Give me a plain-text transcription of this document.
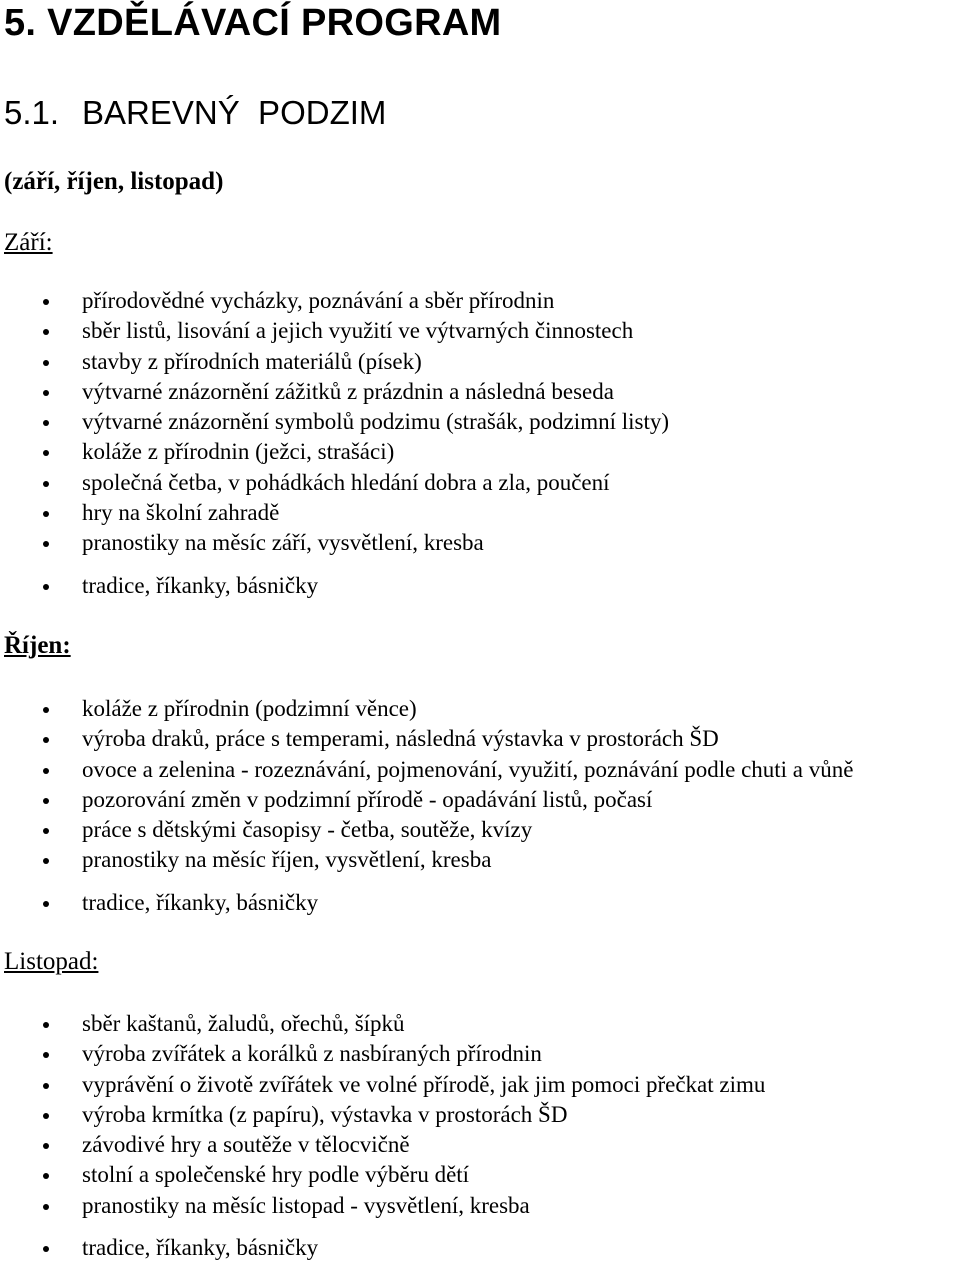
5. VZDĚLÁVACÍ PROGRAM
5.1. BAREVNÝ  PODZIM

(září, říjen, listopad)

Září:

přírodovědné vycházky, poznávání a sběr přírodnin
sběr listů, lisování a jejich využití ve výtvarných činnostech
stavby z přírodních materiálů (písek)
výtvarné znázornění zážitků z prázdnin a následná beseda
výtvarné znázornění symbolů podzimu (strašák, podzimní listy)
koláže z přírodnin (ježci, strašáci)
společná četba, v pohádkách hledání dobra a zla, poučení
hry na školní zahradě
pranostiky na měsíc září, vysvětlení, kresba
tradice, říkanky, básničky

Říjen:

koláže z přírodnin (podzimní věnce)
výroba draků, práce s temperami, následná výstavka v prostorách ŠD
ovoce a zelenina - rozeznávání, pojmenování, využití, poznávání podle chuti a vůně
pozorování změn v podzimní přírodě - opadávání listů, počasí
práce s dětskými časopisy - četba, soutěže, kvízy
pranostiky na měsíc říjen, vysvětlení, kresba
tradice, říkanky, básničky

Listopad:

sběr kaštanů, žaludů, ořechů, šípků
výroba zvířátek a korálků z nasbíraných přírodnin
vyprávění o životě zvířátek ve volné přírodě, jak jim pomoci přečkat zimu
výroba krmítka (z papíru), výstavka v prostorách ŠD
závodivé hry a soutěže v tělocvičně
stolní a společenské hry podle výběru dětí
pranostiky na měsíc listopad - vysvětlení, kresba
tradice, říkanky, básničky
